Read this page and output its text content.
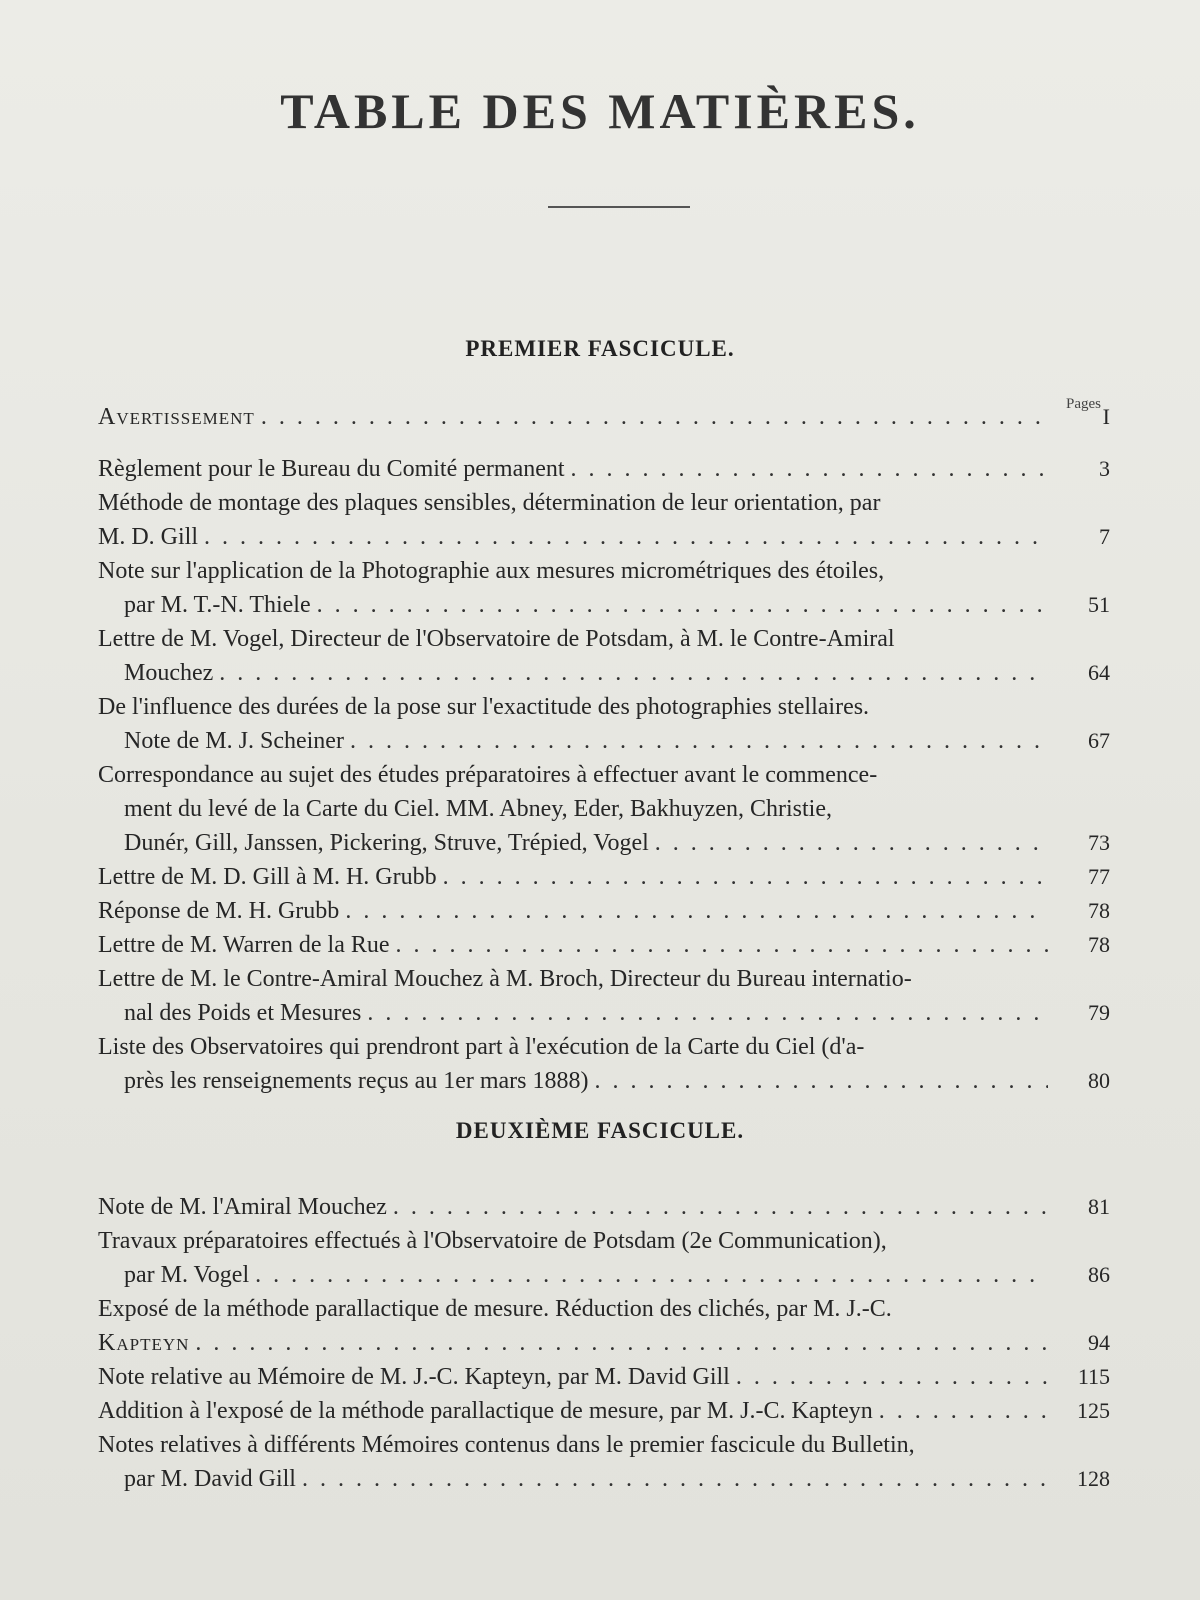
TABLE DES MATIÈRES.
PREMIER FASCICULE.
Pages
Avertissement . . .	I
Règlement pour le Bureau du Comité permanent . . .	3
Méthode de montage des plaques sensibles, détermination de leur orientation, par
M. D. Gill . . .	7
Note sur l'application de la Photographie aux mesures micrométriques des étoiles,
par M. T.-N. Thiele . . .	51
Lettre de M. Vogel, Directeur de l'Observatoire de Potsdam, à M. le Contre-Amiral
Mouchez . . .	64
De l'influence des durées de la pose sur l'exactitude des photographies stellaires.
Note de M. J. Scheiner . . .	67
Correspondance au sujet des études préparatoires à effectuer avant le commence-
ment du levé de la Carte du Ciel. MM. Abney, Eder, Bakhuyzen, Christie,
Dunér, Gill, Janssen, Pickering, Struve, Trépied, Vogel . . .	73
Lettre de M. D. Gill à M. H. Grubb . . .	77
Réponse de M. H. Grubb . . .	78
Lettre de M. Warren de la Rue . . .	78
Lettre de M. le Contre-Amiral Mouchez à M. Broch, Directeur du Bureau internatio-
nal des Poids et Mesures . . .	79
Liste des Observatoires qui prendront part à l'exécution de la Carte du Ciel (d'a-
près les renseignements reçus au 1er mars 1888) . . .	80
DEUXIÈME FASCICULE.
Note de M. l'Amiral Mouchez . . .	81
Travaux préparatoires effectués à l'Observatoire de Potsdam (2e Communication),
par M. Vogel . . .	86
Exposé de la méthode parallactique de mesure. Réduction des clichés, par M. J.-C.
Kapteyn . . .	94
Note relative au Mémoire de M. J.-C. Kapteyn, par M. David Gill . . .	115
Addition à l'exposé de la méthode parallactique de mesure, par M. J.-C. Kapteyn . . .	125
Notes relatives à différents Mémoires contenus dans le premier fascicule du Bulletin,
par M. David Gill . . .	128
